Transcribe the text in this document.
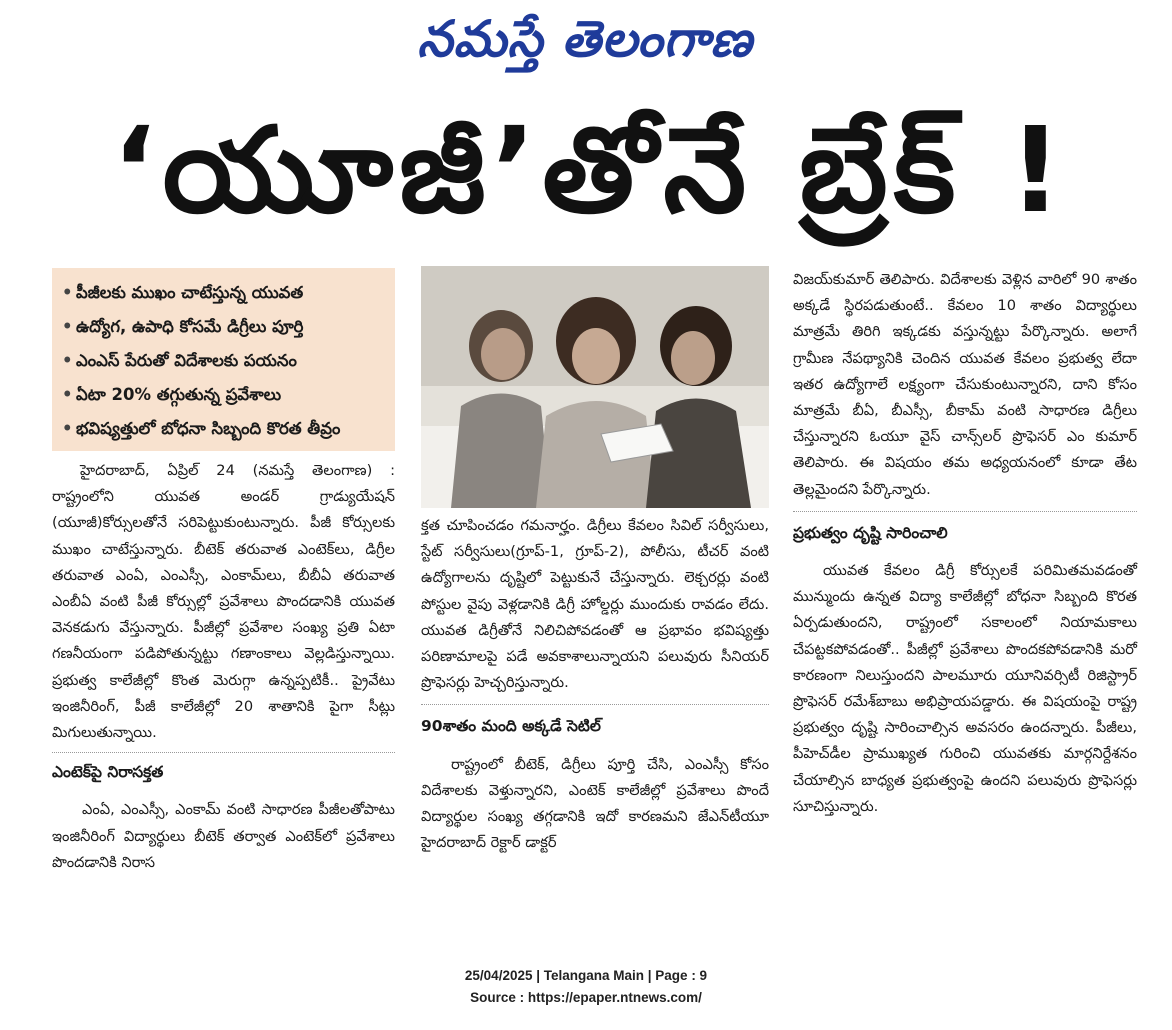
నమస్తే తెలంగాణ
‘యూజీ’తోనే బ్రేక్ !
• పీజీలకు ముఖం చాటేస్తున్న యువత
• ఉద్యోగ, ఉపాధి కోసమే డిగ్రీలు పూర్తి
• ఎంఎస్ పేరుతో విదేశాలకు పయనం
• ఏటా 20% తగ్గుతున్న ప్రవేశాలు
• భవిష్యత్తులో బోధనా సిబ్బంది కొరత తీవ్రం

హైదరాబాద్, ఏప్రిల్ 24 (నమస్తే తెలంగాణ) : రాష్ట్రంలోని యువత అండర్ గ్రాడ్యుయేషన్ (యూజీ)కోర్సులతోనే సరిపెట్టుకుంటున్నారు. పీజీ కోర్సులకు ముఖం చాటేస్తున్నారు. బీటెక్ తరువాత ఎంటెక్‌లు, డిగ్రీల తరువాత ఎంఏ, ఎంఎస్సీ, ఎంకామ్‌లు, బీబీఏ తరువాత ఎంబీఏ వంటి పీజీ కోర్సుల్లో ప్రవేశాలు పొందడానికి యువత వెనకడుగు వేస్తున్నారు. పీజీల్లో ప్రవేశాల సంఖ్య ప్రతి ఏటా గణనీయంగా పడిపోతున్నట్టు గణాంకాలు వెల్లడిస్తున్నాయి. ప్రభుత్వ కాలేజీల్లో కొంత మెరుగ్గా ఉన్నప్పటికీ.. ప్రైవేటు ఇంజినీరింగ్, పీజీ కాలేజీల్లో 20 శాతానికి పైగా సీట్లు మిగులుతున్నాయి.

ఎంటెక్‌పై నిరాసక్తత

ఎంఏ, ఎంఎస్సీ, ఎంకామ్ వంటి సాధారణ పీజీలతోపాటు ఇంజినీరింగ్ విద్యార్థులు బీటెక్ తర్వాత ఎంటెక్‌లో ప్రవేశాలు పొందడానికి నిరాస

క్తత చూపించడం గమనార్హం. డిగ్రీలు కేవలం సివిల్ సర్వీసులు, స్టేట్ సర్వీసులు(గ్రూప్-1, గ్రూప్-2), పోలీసు, టీచర్ వంటి ఉద్యోగాలను దృష్టిలో పెట్టుకునే చేస్తున్నారు. లెక్చరర్లు వంటి పోస్టుల వైపు వెళ్లడానికి డిగ్రీ హోల్డర్లు ముందుకు రావడం లేదు. యువత డిగ్రీతోనే నిలిచిపోవడంతో ఆ ప్రభావం భవిష్యత్తు పరిణామాలపై పడే అవకాశాలున్నాయని పలువురు సీనియర్ ప్రొఫెసర్లు హెచ్చరిస్తున్నారు.

90శాతం మంది అక్కడే సెటిల్

రాష్ట్రంలో బీటెక్, డిగ్రీలు పూర్తి చేసి, ఎంఎస్సీ కోసం విదేశాలకు వెళ్తున్నారని, ఎంటెక్ కాలేజీల్లో ప్రవేశాలు పొందే విద్యార్థుల సంఖ్య తగ్గడానికి ఇదో కారణమని జేఎన్‌టీయూ హైదరాబాద్ రెక్టార్ డాక్టర్

విజయ్‌కుమార్ తెలిపారు. విదేశాలకు వెళ్లిన వారిలో 90 శాతం అక్కడే స్థిరపడుతుంటే.. కేవలం 10 శాతం విద్యార్థులు మాత్రమే తిరిగి ఇక్కడకు వస్తున్నట్టు పేర్కొన్నారు. అలాగే గ్రామీణ నేపథ్యానికి చెందిన యువత కేవలం ప్రభుత్వ లేదా ఇతర ఉద్యోగాలే లక్ష్యంగా చేసుకుంటున్నారని, దాని కోసం మాత్రమే బీఏ, బీఎస్సీ, బీకామ్ వంటి సాధారణ డిగ్రీలు చేస్తున్నారని ఓయూ వైస్ చాన్స్‌లర్ ప్రొఫెసర్ ఎం కుమార్ తెలిపారు. ఈ విషయం తమ అధ్యయనంలో కూడా తేట తెల్లమైందని పేర్కొన్నారు.

ప్రభుత్వం దృష్టి సారించాలి

యువత కేవలం డిగ్రీ కోర్సులకే పరిమితమవడంతో మున్ముందు ఉన్నత విద్యా కాలేజీల్లో బోధనా సిబ్బంది కొరత ఏర్పడుతుందని, రాష్ట్రంలో సకాలంలో నియామకాలు చేపట్టకపోవడంతో.. పీజీల్లో ప్రవేశాలు పొందకపోవడానికి మరో కారణంగా నిలుస్తుందని పాలమూరు యూనివర్సిటీ రిజిస్ట్రార్ ప్రొఫెసర్ రమేశ్‌బాబు అభిప్రాయపడ్డారు. ఈ విషయంపై రాష్ట్ర ప్రభుత్వం దృష్టి సారించాల్సిన అవసరం ఉందన్నారు. పీజీలు, పీహెచ్‌డీల ప్రాముఖ్యత గురించి యువతకు మార్గనిర్దేశనం చేయాల్సిన బాధ్యత ప్రభుత్వంపై ఉందని పలువురు ప్రొఫెసర్లు సూచిస్తున్నారు.

25/04/2025 | Telangana Main | Page : 9
Source : https://epaper.ntnews.com/
